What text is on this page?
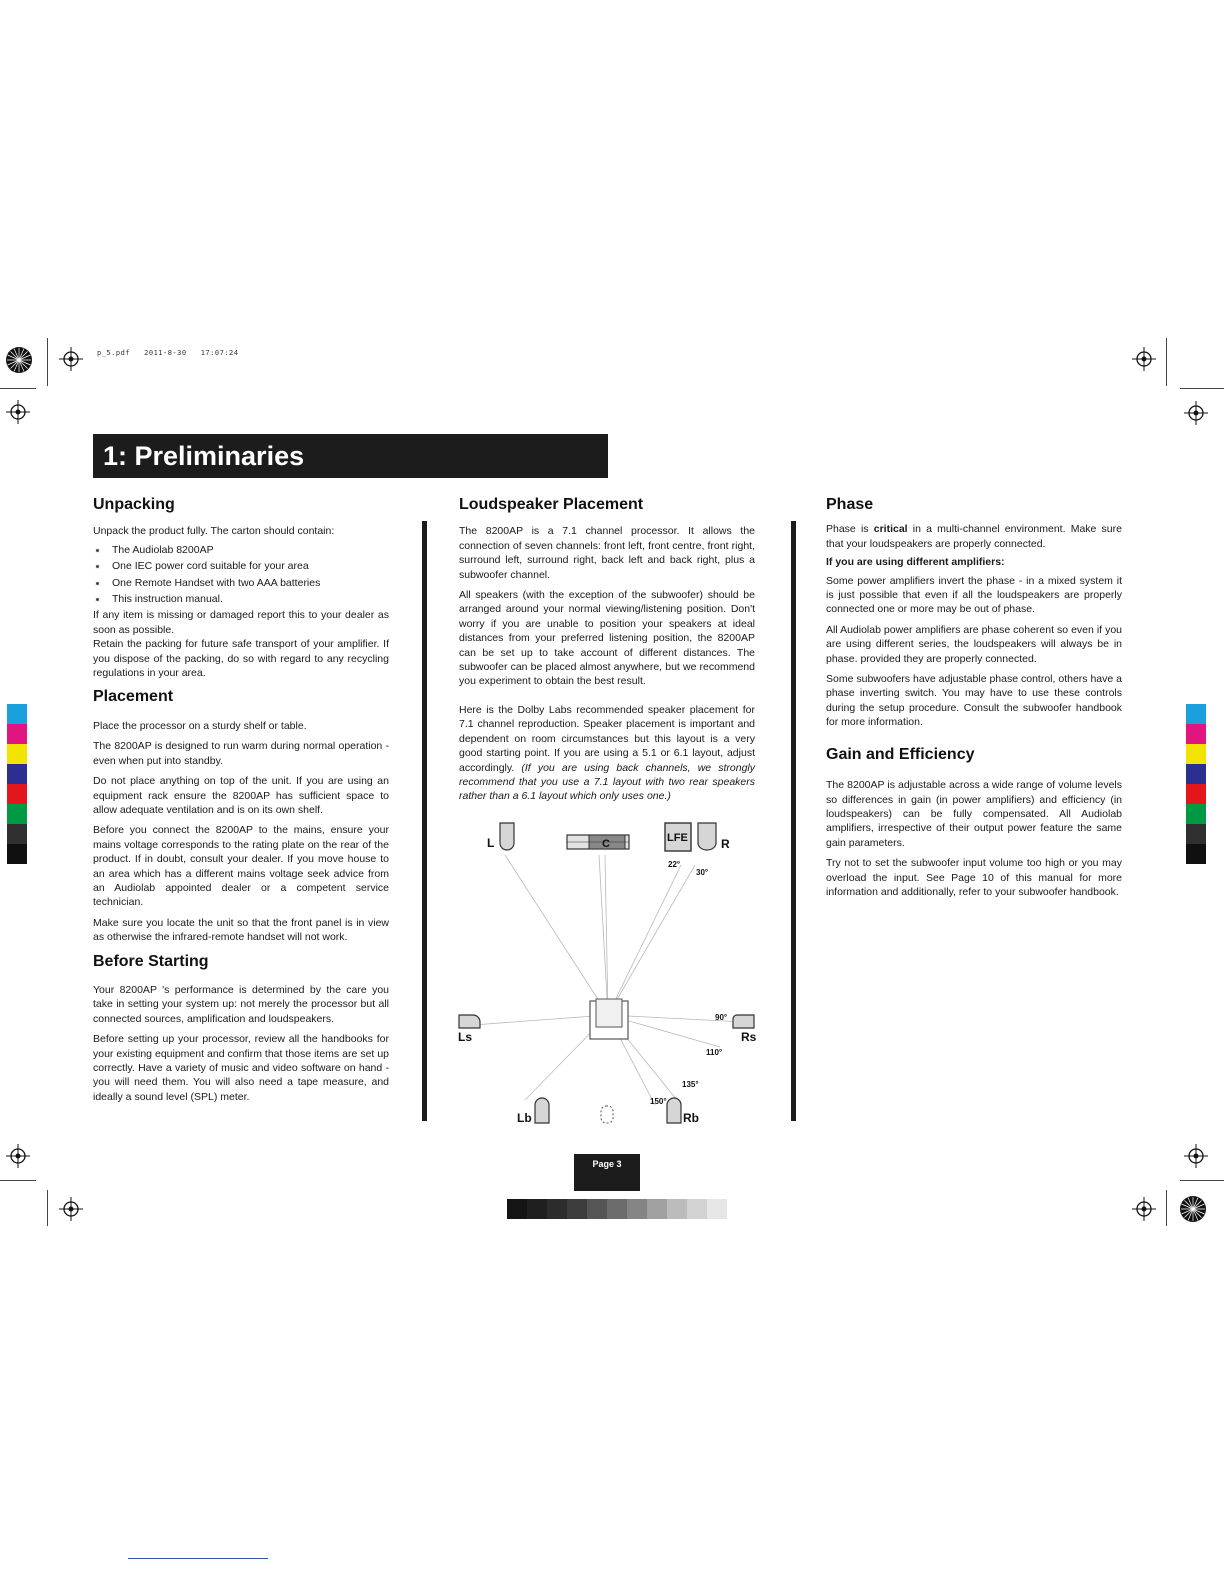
p_5.pdf   2011-8-30   17:07:24
1: Preliminaries
Unpacking

Unpack the product fully. The carton should contain:

The Audiolab 8200AP
One IEC power cord suitable for your area
One Remote Handset with two AAA batteries
This instruction manual.

If any item is missing or damaged report this to your dealer as soon as possible.

Retain the packing for future safe transport of your amplifier. If you dispose of the packing, do so with regard to any recycling regulations in your area.

Placement

Place the processor on a sturdy shelf or table.

The 8200AP is designed to run warm during normal operation - even when put into standby.

Do not place anything on top of the unit. If you are using an equipment rack ensure the 8200AP has sufficient space to allow adequate ventilation and is on its own shelf.

Before you connect the 8200AP to the mains, ensure your mains voltage corresponds to the rating plate on the rear of the product. If in doubt, consult your dealer. If you move house to an area which has a different mains voltage seek advice from an Audiolab appointed dealer or a competent service technician.

Make sure you locate the unit so that the front panel is in view as otherwise the infrared-remote handset will not work.

Before Starting

Your 8200AP 's performance is determined by the care you take in setting your system up: not merely the processor but all connected sources, amplification and loudspeakers.

Before setting up your processor, review all the handbooks for your existing equipment and confirm that those items are set up correctly. Have a variety of music and video software on hand - you will need them. You will also need a tape measure, and ideally a sound level (SPL) meter.

Loudspeaker Placement

The 8200AP is a 7.1 channel processor. It allows the connection of seven channels: front left, front centre, front right, surround left, surround right, back left and back right, plus a subwoofer channel.

All speakers (with the exception of the subwoofer) should be arranged around your normal viewing/listening position. Don't worry if you are unable to position your speakers at ideal distances from your preferred listening position, the 8200AP can be set up to take account of different distances. The subwoofer can be placed almost anywhere, but we recommend you experiment to obtain the best result.

Here is the Dolby Labs recommended speaker placement for 7.1 channel reproduction. Speaker placement is important and dependent on room circumstances but this layout is a very good starting point. If you are using a 5.1 or 6.1 layout, adjust accordingly. (If you are using back channels, we strongly recommend that you use a 7.1 layout with two rear speakers rather than a 6.1 layout which only uses one.)

L	C	LFE	R
Ls	Rs
Lb	Rb
22°
30°
90°
110°
135°
150°
Phase

Phase is critical in a multi-channel environment. Make sure that your loudspeakers are properly connected.

If you are using different amplifiers:

Some power amplifiers invert the phase - in a mixed system it is just possible that even if all the loudspeakers are properly connected one or more may be out of phase.

All Audiolab power amplifiers are phase coherent so even if you are using different series, the loudspeakers will always be in phase. provided they are properly connected.

Some subwoofers have adjustable phase control, others have a phase inverting switch. You may have to use these controls during the setup procedure. Consult the subwoofer handbook for more information.

Gain and Efficiency

The 8200AP is adjustable across a wide range of volume levels so differences in gain (in power amplifiers) and efficiency (in loudspeakers) can be fully compensated. All Audiolab amplifiers, irrespective of their output power feature the same gain parameters.

Try not to set the subwoofer input volume too high or you may overload the input. See Page 10 of this manual for more information and additionally, refer to your subwoofer handbook.

Page 3
